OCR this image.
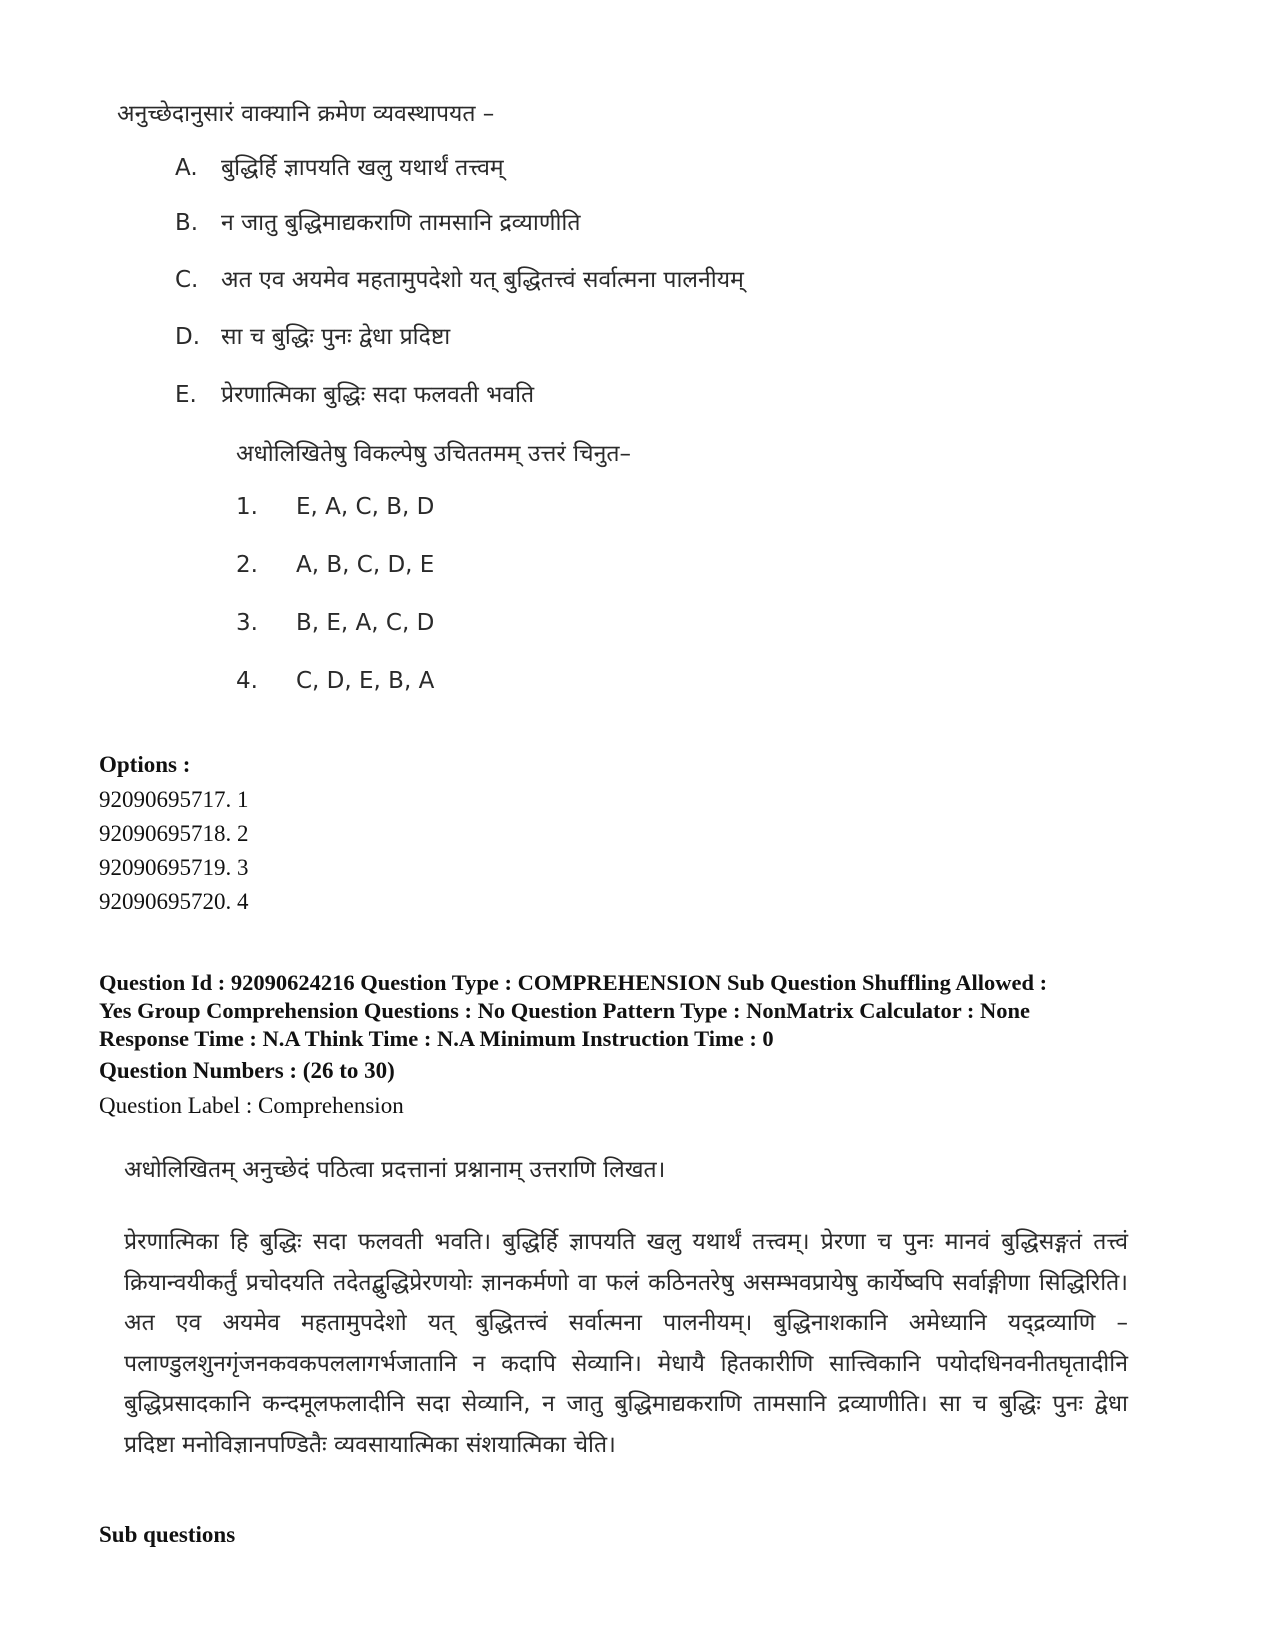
अनुच्छेदानुसारं वाक्यानि क्रमेण व्यवस्थापयत –
A. बुद्धिर्हि ज्ञापयति खलु यथार्थं तत्त्वम्
B. न जातु बुद्धिमाद्यकराणि तामसानि द्रव्याणीति
C. अत एव अयमेव महतामुपदेशो यत् बुद्धितत्त्वं सर्वात्मना पालनीयम्
D. सा च बुद्धिः पुनः द्वेधा प्रदिष्टा
E. प्रेरणात्मिका बुद्धिः सदा फलवती भवति
अधोलिखितेषु विकल्पेषु उचिततमम् उत्तरं चिनुत–
1. E, A, C, B, D
2. A, B, C, D, E
3. B, E, A, C, D
4. C, D, E, B, A
Options :
92090695717. 1
92090695718. 2
92090695719. 3
92090695720. 4
Question Id : 92090624216 Question Type : COMPREHENSION Sub Question Shuffling Allowed :
Yes Group Comprehension Questions : No Question Pattern Type : NonMatrix Calculator : None
Response Time : N.A Think Time : N.A Minimum Instruction Time : 0
Question Numbers : (26 to 30)
Question Label : Comprehension
अधोलिखितम् अनुच्छेदं पठित्वा प्रदत्तानां प्रश्नानाम् उत्तराणि लिखत।

प्रेरणात्मिका हि बुद्धिः सदा फलवती भवति। बुद्धिर्हि ज्ञापयति खलु यथार्थं तत्त्वम्। प्रेरणा च पुनः मानवं बुद्धिसङ्गतं तत्त्वं क्रियान्वयीकर्तुं प्रचोदयति तदेतद्बुद्धिप्रेरणयोः ज्ञानकर्मणो वा फलं कठिनतरेषु असम्भवप्रायेषु कार्येष्वपि सर्वाङ्गीणा सिद्धिरिति। अत एव अयमेव महतामुपदेशो यत् बुद्धितत्त्वं सर्वात्मना पालनीयम्। बुद्धिनाशकानि अमेध्यानि यद्द्रव्याणि – पलाण्डुलशुनगृंजनकवकपललागर्भजातानि न कदापि सेव्यानि। मेधायै हितकारीणि सात्त्विकानि पयोदधिनवनीतघृतादीनि बुद्धिप्रसादकानि कन्दमूलफलादीनि सदा सेव्यानि, न जातु बुद्धिमाद्यकराणि तामसानि द्रव्याणीति। सा च बुद्धिः पुनः द्वेधा प्रदिष्टा मनोविज्ञानपण्डितैः व्यवसायात्मिका संशयात्मिका चेति।

Sub questions
